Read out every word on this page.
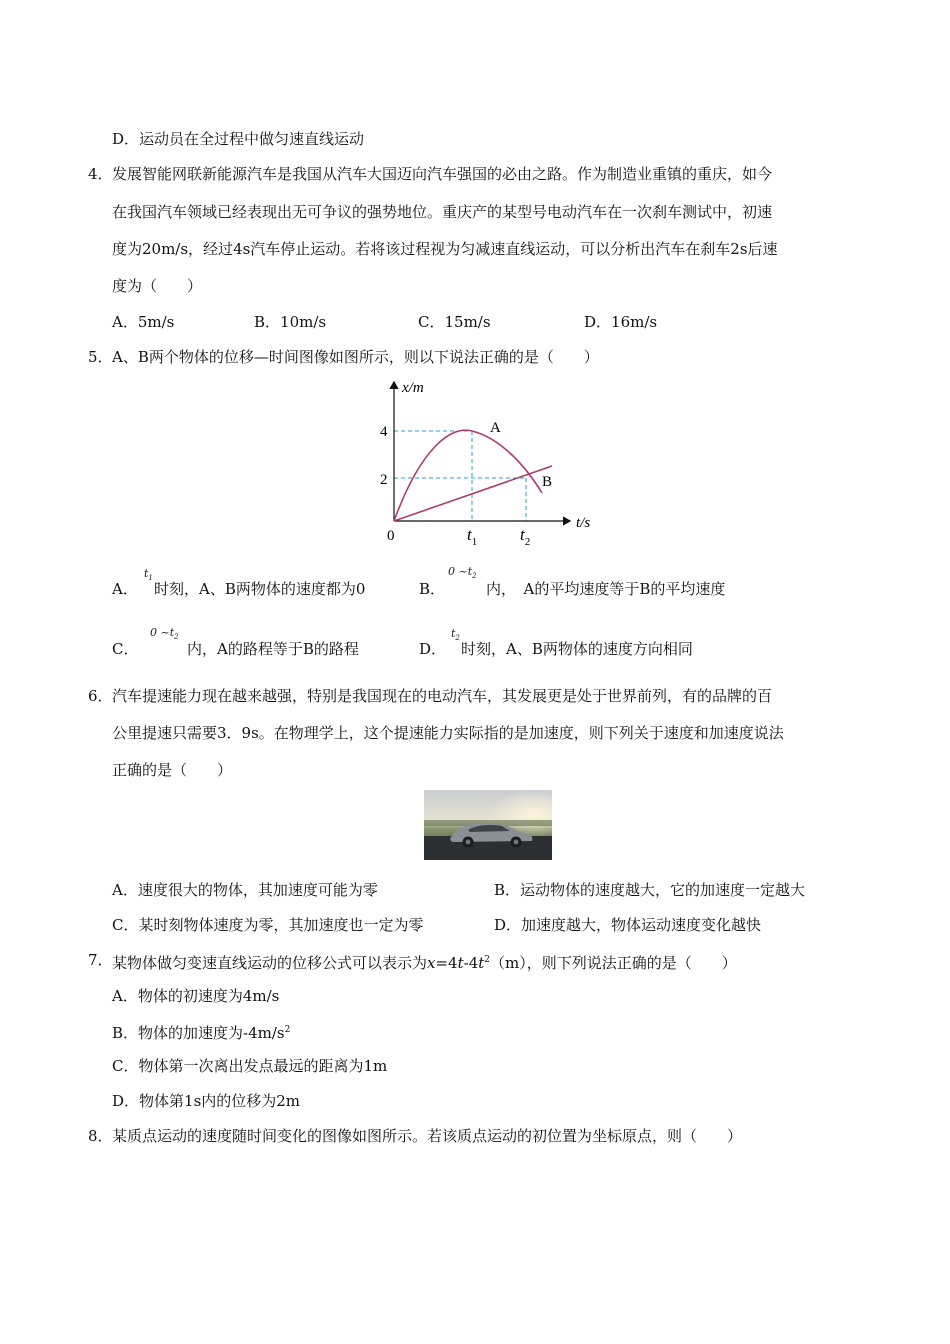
D．运动员在全过程中做匀速直线运动
4． 发展智能网联新能源汽车是我国从汽车大国迈向汽车强国的必由之路。作为制造业重镇的重庆，如今
在我国汽车领域已经表现出无可争议的强势地位。重庆产的某型号电动汽车在一次刹车测试中，初速
度为20m/s，经过4s汽车停止运动。若将该过程视为匀减速直线运动，可以分析出汽车在刹车2s后速
度为（　　）
A．5m/s	B．10m/s	C．15m/s	D．16m/s
5． A、B两个物体的位移—时间图像如图所示，则以下说法正确的是（　　）
x/m
t/s
0
4
2
$t_1$	$t_2$
A
B
A．
$t_1$
时刻，A、B两物体的速度都为0	B．
0 $\sim t_2$
内，　A的平均速度等于B的平均速度
C．
0 $\sim t_2$
内，A的路程等于B的路程	D．
$t_2$
时刻，A、B两物体的速度方向相同
6． 汽车提速能力现在越来越强，特别是我国现在的电动汽车，其发展更是处于世界前列，有的品牌的百
公里提速只需要3．9s。在物理学上，这个提速能力实际指的是加速度，则下列关于速度和加速度说法
正确的是（　　）
A．速度很大的物体，其加速度可能为零	B．运动物体的速度越大，它的加速度一定越大
C．某时刻物体速度为零，其加速度也一定为零	D．加速度越大，物体运动速度变化越快
7． 某物体做匀变速直线运动的位移公式可以表示为$x=4t-4t^2(m)$，则下列说法正确的是（　　）
A．物体的初速度为4m/s
B．物体的加速度为$-4m/s^2$
C．物体第一次离出发点最远的距离为1m
D．物体第1s内的位移为2m
8． 某质点运动的速度随时间变化的图像如图所示。若该质点运动的初位置为坐标原点，则（　　）
